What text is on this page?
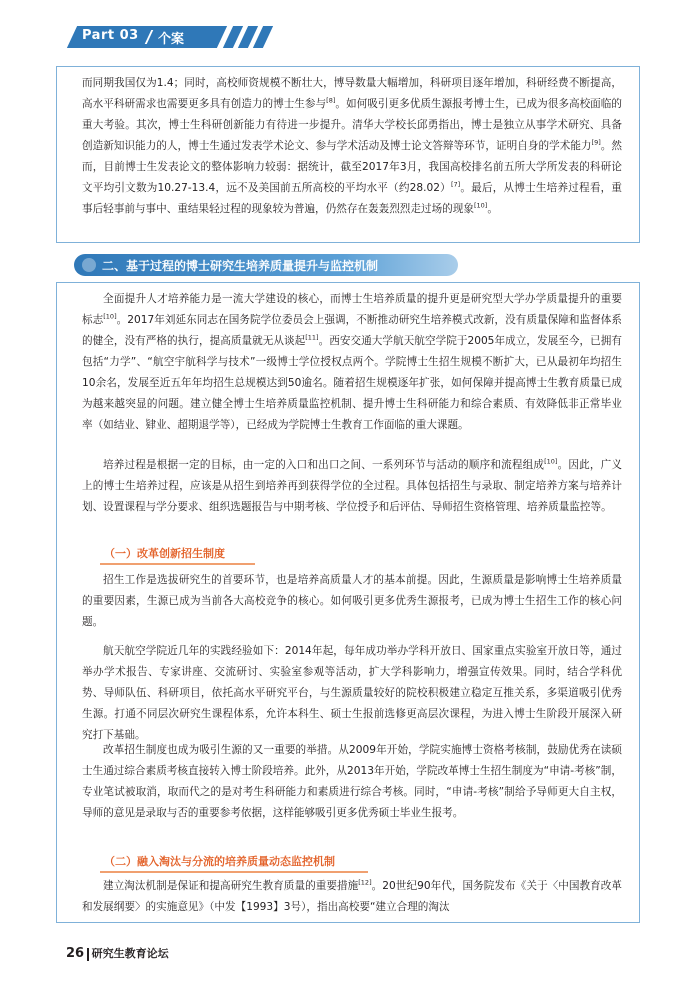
Part 03 个案

而同期我国仅为1.4；同时，高校师资规模不断壮大，博导数量大幅增加，科研项目逐年增加，科研经费不断提高，高水平科研需求也需要更多具有创造力的博士生参与[8]。如何吸引更多优质生源报考博士生，已成为很多高校面临的重大考验。其次，博士生科研创新能力有待进一步提升。清华大学校长邱勇指出，博士是独立从事学术研究、具备创造新知识能力的人，博士生通过发表学术论文、参与学术活动及博士论文答辩等环节，证明自身的学术能力[9]。然而，目前博士生发表论文的整体影响力较弱：据统计，截至2017年3月，我国高校排名前五所大学所发表的科研论文平均引文数为10.27-13.4，远不及美国前五所高校的平均水平（约28.02）[7]。最后，从博士生培养过程看，重事后轻事前与事中、重结果轻过程的现象较为普遍，仍然存在轰轰烈烈走过场的现象[10]。

二、基于过程的博士研究生培养质量提升与监控机制

全面提升人才培养能力是一流大学建设的核心，而博士生培养质量的提升更是研究型大学办学质量提升的重要标志[10]。2017年刘延东同志在国务院学位委员会上强调，不断推动研究生培养模式改新，没有质量保障和监督体系的健全，没有严格的执行，提高质量就无从谈起[11]。西安交通大学航天航空学院于2005年成立，发展至今，已拥有包括“力学”、“航空宇航科学与技术”一级博士学位授权点两个。学院博士生招生规模不断扩大，已从最初年均招生10余名，发展至近五年年均招生总规模达到50逾名。随着招生规模逐年扩张，如何保障并提高博士生教育质量已成为越来越突显的问题。建立健全博士生培养质量监控机制、提升博士生科研能力和综合素质、有效降低非正常毕业率（如结业、肄业、超期退学等），已经成为学院博士生教育工作面临的重大课题。

培养过程是根据一定的目标，由一定的入口和出口之间、一系列环节与活动的顺序和流程组成[10]。因此，广义上的博士生培养过程，应该是从招生到培养再到获得学位的全过程。具体包括招生与录取、制定培养方案与培养计划、设置课程与学分要求、组织选题报告与中期考核、学位授予和后评估、导师招生资格管理、培养质量监控等。

（一）改革创新招生制度

招生工作是选拔研究生的首要环节，也是培养高质量人才的基本前提。因此，生源质量是影响博士生培养质量的重要因素，生源已成为当前各大高校竞争的核心。如何吸引更多优秀生源报考，已成为博士生招生工作的核心问题。

航天航空学院近几年的实践经验如下：2014年起，每年成功举办学科开放日、国家重点实验室开放日等，通过举办学术报告、专家讲座、交流研讨、实验室参观等活动，扩大学科影响力，增强宣传效果。同时，结合学科优势、导师队伍、科研项目，依托高水平研究平台，与生源质量较好的院校积极建立稳定互推关系，多渠道吸引优秀生源。打通不同层次研究生课程体系，允许本科生、硕士生报前选修更高层次课程，为进入博士生阶段开展深入研究打下基础。

改革招生制度也成为吸引生源的又一重要的举措。从2009年开始，学院实施博士资格考核制，鼓励优秀在读硕士生通过综合素质考核直接转入博士阶段培养。此外，从2013年开始，学院改革博士生招生制度为“申请-考核”制，专业笔试被取消，取而代之的是对考生科研能力和素质进行综合考核。同时，“申请-考核”制给予导师更大自主权，导师的意见是录取与否的重要参考依据，这样能够吸引更多优秀硕士毕业生报考。

（二）融入淘汰与分流的培养质量动态监控机制

建立淘汰机制是保证和提高研究生教育质量的重要措施[12]。20世纪90年代，国务院发布《关于〈中国教育改革和发展纲要〉的实施意见》（中发【1993】3号），指出高校要“建立合理的淘汰

26 研究生教育论坛
